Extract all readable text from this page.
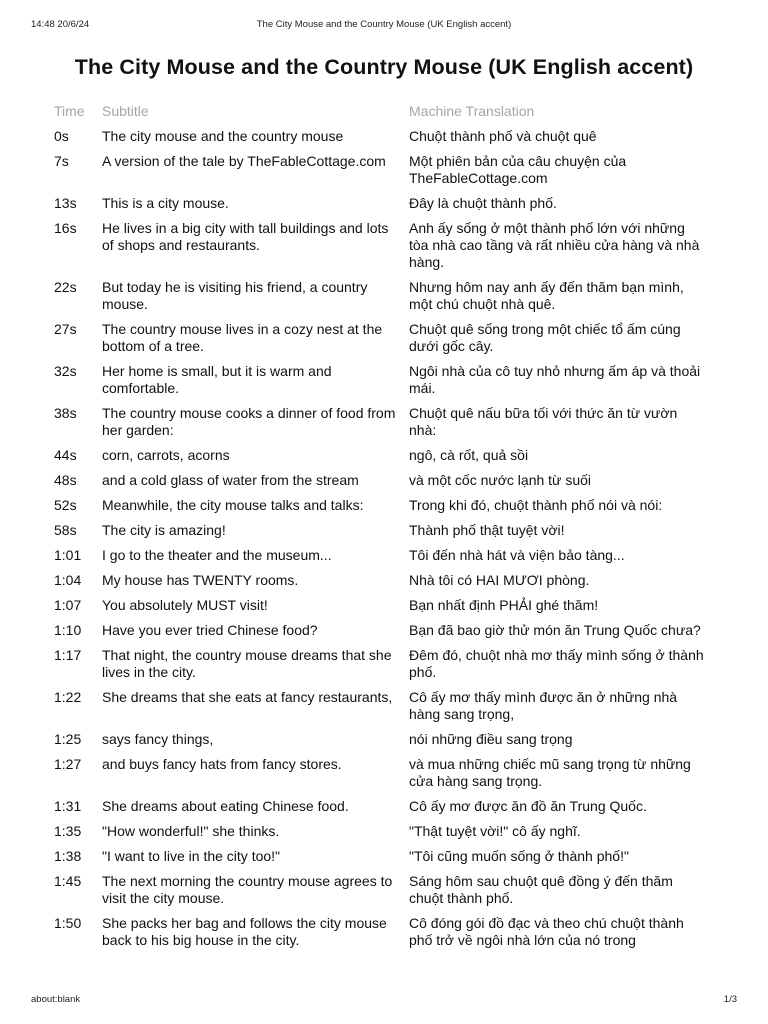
14:48 20/6/24	The City Mouse and the Country Mouse (UK English accent)
The City Mouse and the Country Mouse (UK English accent)
Time	Subtitle	Machine Translation
0s	The city mouse and the country mouse	Chuột thành phố và chuột quê
7s	A version of the tale by TheFableCottage.com	Một phiên bản của câu chuyện của TheFableCottage.com
13s	This is a city mouse.	Đây là chuột thành phố.
16s	He lives in a big city with tall buildings and lots of shops and restaurants.	Anh ấy sống ở một thành phố lớn với những tòa nhà cao tầng và rất nhiều cửa hàng và nhà hàng.
22s	But today he is visiting his friend, a country mouse.	Nhưng hôm nay anh ấy đến thăm bạn mình, một chú chuột nhà quê.
27s	The country mouse lives in a cozy nest at the bottom of a tree.	Chuột quê sống trong một chiếc tổ ấm cúng dưới gốc cây.
32s	Her home is small, but it is warm and comfortable.	Ngôi nhà của cô tuy nhỏ nhưng ấm áp và thoải mái.
38s	The country mouse cooks a dinner of food from her garden:	Chuột quê nấu bữa tối với thức ăn từ vườn nhà:
44s	corn, carrots, acorns	ngô, cà rốt, quả sồi
48s	and a cold glass of water from the stream	và một cốc nước lạnh từ suối
52s	Meanwhile, the city mouse talks and talks:	Trong khi đó, chuột thành phố nói và nói:
58s	The city is amazing!	Thành phố thật tuyệt vời!
1:01	I go to the theater and the museum...	Tôi đến nhà hát và viện bảo tàng...
1:04	My house has TWENTY rooms.	Nhà tôi có HAI MƯƠI phòng.
1:07	You absolutely MUST visit!	Bạn nhất định PHẢI ghé thăm!
1:10	Have you ever tried Chinese food?	Bạn đã bao giờ thử món ăn Trung Quốc chưa?
1:17	That night, the country mouse dreams that she lives in the city.	Đêm đó, chuột nhà mơ thấy mình sống ở thành phố.
1:22	She dreams that she eats at fancy restaurants,	Cô ấy mơ thấy mình được ăn ở những nhà hàng sang trọng,
1:25	says fancy things,	nói những điều sang trọng
1:27	and buys fancy hats from fancy stores.	và mua những chiếc mũ sang trọng từ những cửa hàng sang trọng.
1:31	She dreams about eating Chinese food.	Cô ấy mơ được ăn đồ ăn Trung Quốc.
1:35	"How wonderful!" she thinks.	"Thật tuyệt vời!" cô ấy nghĩ.
1:38	"I want to live in the city too!"	"Tôi cũng muốn sống ở thành phố!"
1:45	The next morning the country mouse agrees to visit the city mouse.	Sáng hôm sau chuột quê đồng ý đến thăm chuột thành phố.
1:50	She packs her bag and follows the city mouse back to his big house in the city.	Cô đóng gói đồ đạc và theo chú chuột thành phố trở về ngôi nhà lớn của nó trong
about:blank	1/3
